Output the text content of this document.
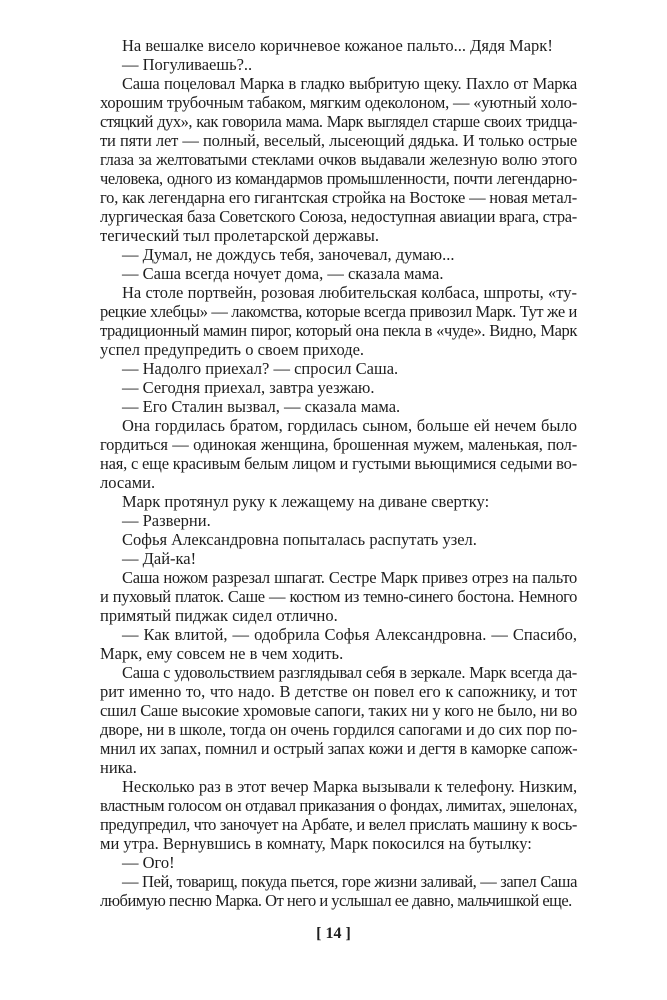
На вешалке висело коричневое кожаное пальто... Дядя Марк!
— Погуливаешь?..
Саша поцеловал Марка в гладко выбритую щеку. Пахло от Марка
хорошим трубочным табаком, мягким одеколоном, — «уютный холо-
стяцкий дух», как говорила мама. Марк выглядел старше своих тридца-
ти пяти лет — полный, веселый, лысеющий дядька. И только острые
глаза за желтоватыми стеклами очков выдавали железную волю этого
человека, одного из командармов промышленности, почти легендарно-
го, как легендарна его гигантская стройка на Востоке — новая метал-
лургическая база Советского Союза, недоступная авиации врага, стра-
тегический тыл пролетарской державы.
— Думал, не дождусь тебя, заночевал, думаю...
— Саша всегда ночует дома, — сказала мама.
На столе портвейн, розовая любительская колбаса, шпроты, «ту-
рецкие хлебцы» — лакомства, которые всегда привозил Марк. Тут же и
традиционный мамин пирог, который она пекла в «чуде». Видно, Марк
успел предупредить о своем приходе.
— Надолго приехал? — спросил Саша.
— Сегодня приехал, завтра уезжаю.
— Его Сталин вызвал, — сказала мама.
Она гордилась братом, гордилась сыном, больше ей нечем было
гордиться — одинокая женщина, брошенная мужем, маленькая, пол-
ная, с еще красивым белым лицом и густыми вьющимися седыми во-
лосами.
Марк протянул руку к лежащему на диване свертку:
— Разверни.
Софья Александровна попыталась распутать узел.
— Дай-ка!
Саша ножом разрезал шпагат. Сестре Марк привез отрез на пальто
и пуховый платок. Саше — костюм из темно-синего бостона. Немного
примятый пиджак сидел отлично.
— Как влитой, — одобрила Софья Александровна. — Спасибо,
Марк, ему совсем не в чем ходить.
Саша с удовольствием разглядывал себя в зеркале. Марк всегда да-
рит именно то, что надо. В детстве он повел его к сапожнику, и тот
сшил Саше высокие хромовые сапоги, таких ни у кого не было, ни во
дворе, ни в школе, тогда он очень гордился сапогами и до сих пор по-
мнил их запах, помнил и острый запах кожи и дегтя в каморке сапож-
ника.
Несколько раз в этот вечер Марка вызывали к телефону. Низким,
властным голосом он отдавал приказания о фондах, лимитах, эшелонах,
предупредил, что заночует на Арбате, и велел прислать машину к вось-
ми утра. Вернувшись в комнату, Марк покосился на бутылку:
— Ого!
— Пей, товарищ, покуда пьется, горе жизни заливай, — запел Саша
любимую песню Марка. От него и услышал ее давно, мальчишкой еще.
[ 14 ]
